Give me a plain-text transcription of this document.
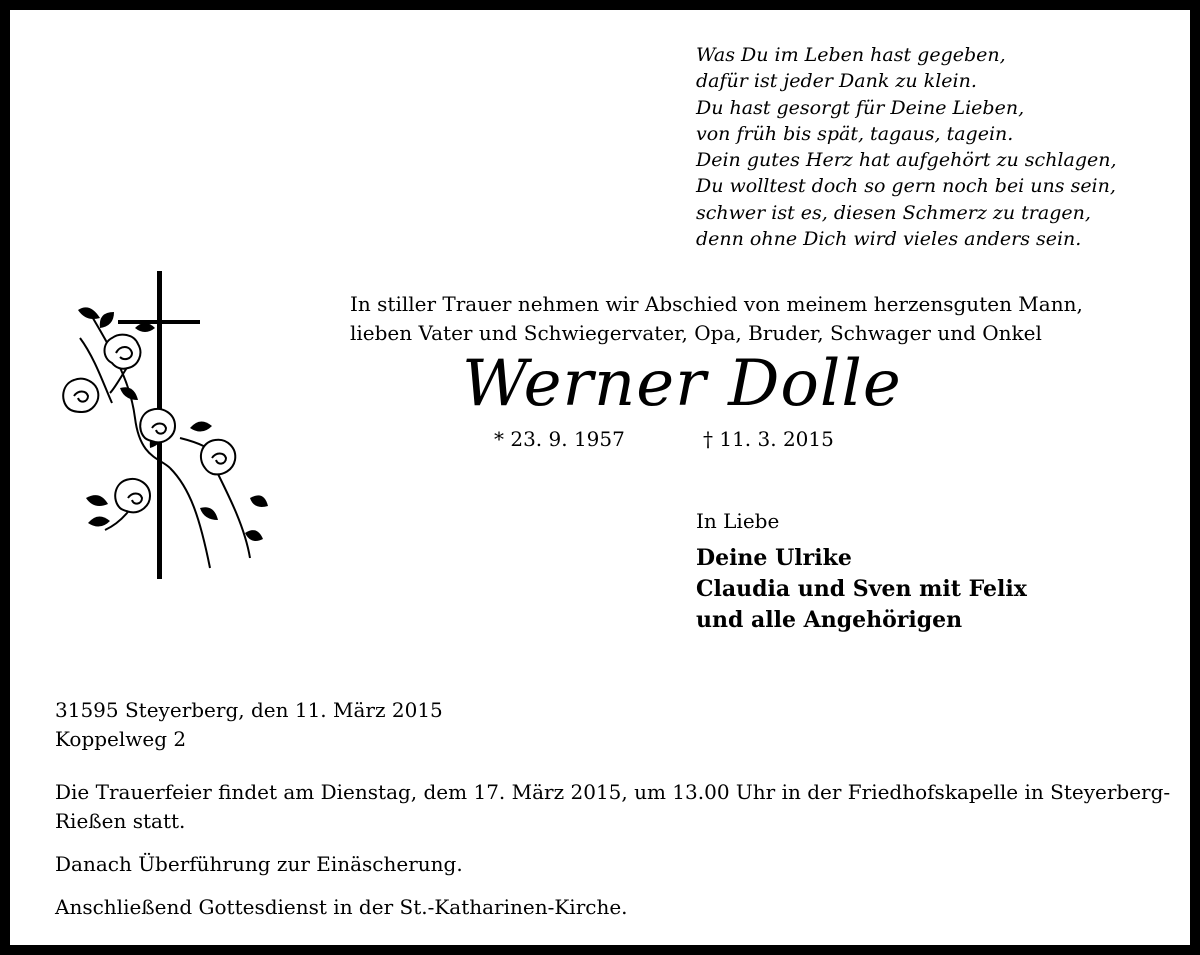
Was Du im Leben hast gegeben,
dafür ist jeder Dank zu klein.
Du hast gesorgt für Deine Lieben,
von früh bis spät, tagaus, tagein.
Dein gutes Herz hat aufgehört zu schlagen,
Du wolltest doch so gern noch bei uns sein,
schwer ist es, diesen Schmerz zu tragen,
denn ohne Dich wird vieles anders sein.
In stiller Trauer nehmen wir Abschied von meinem herzensguten Mann,
lieben Vater und Schwiegervater, Opa, Bruder, Schwager und Onkel
Werner Dolle
* 23. 9. 1957	† 11. 3. 2015
In Liebe
Deine Ulrike
Claudia und Sven mit Felix
und alle Angehörigen
31595 Steyerberg, den 11. März 2015
Koppelweg 2

Die Trauerfeier findet am Dienstag, dem 17. März 2015, um 13.00 Uhr in der Friedhofskapelle in Steyerberg-Rießen statt.

Danach Überführung zur Einäscherung.

Anschließend Gottesdienst in der St.-Katharinen-Kirche.
